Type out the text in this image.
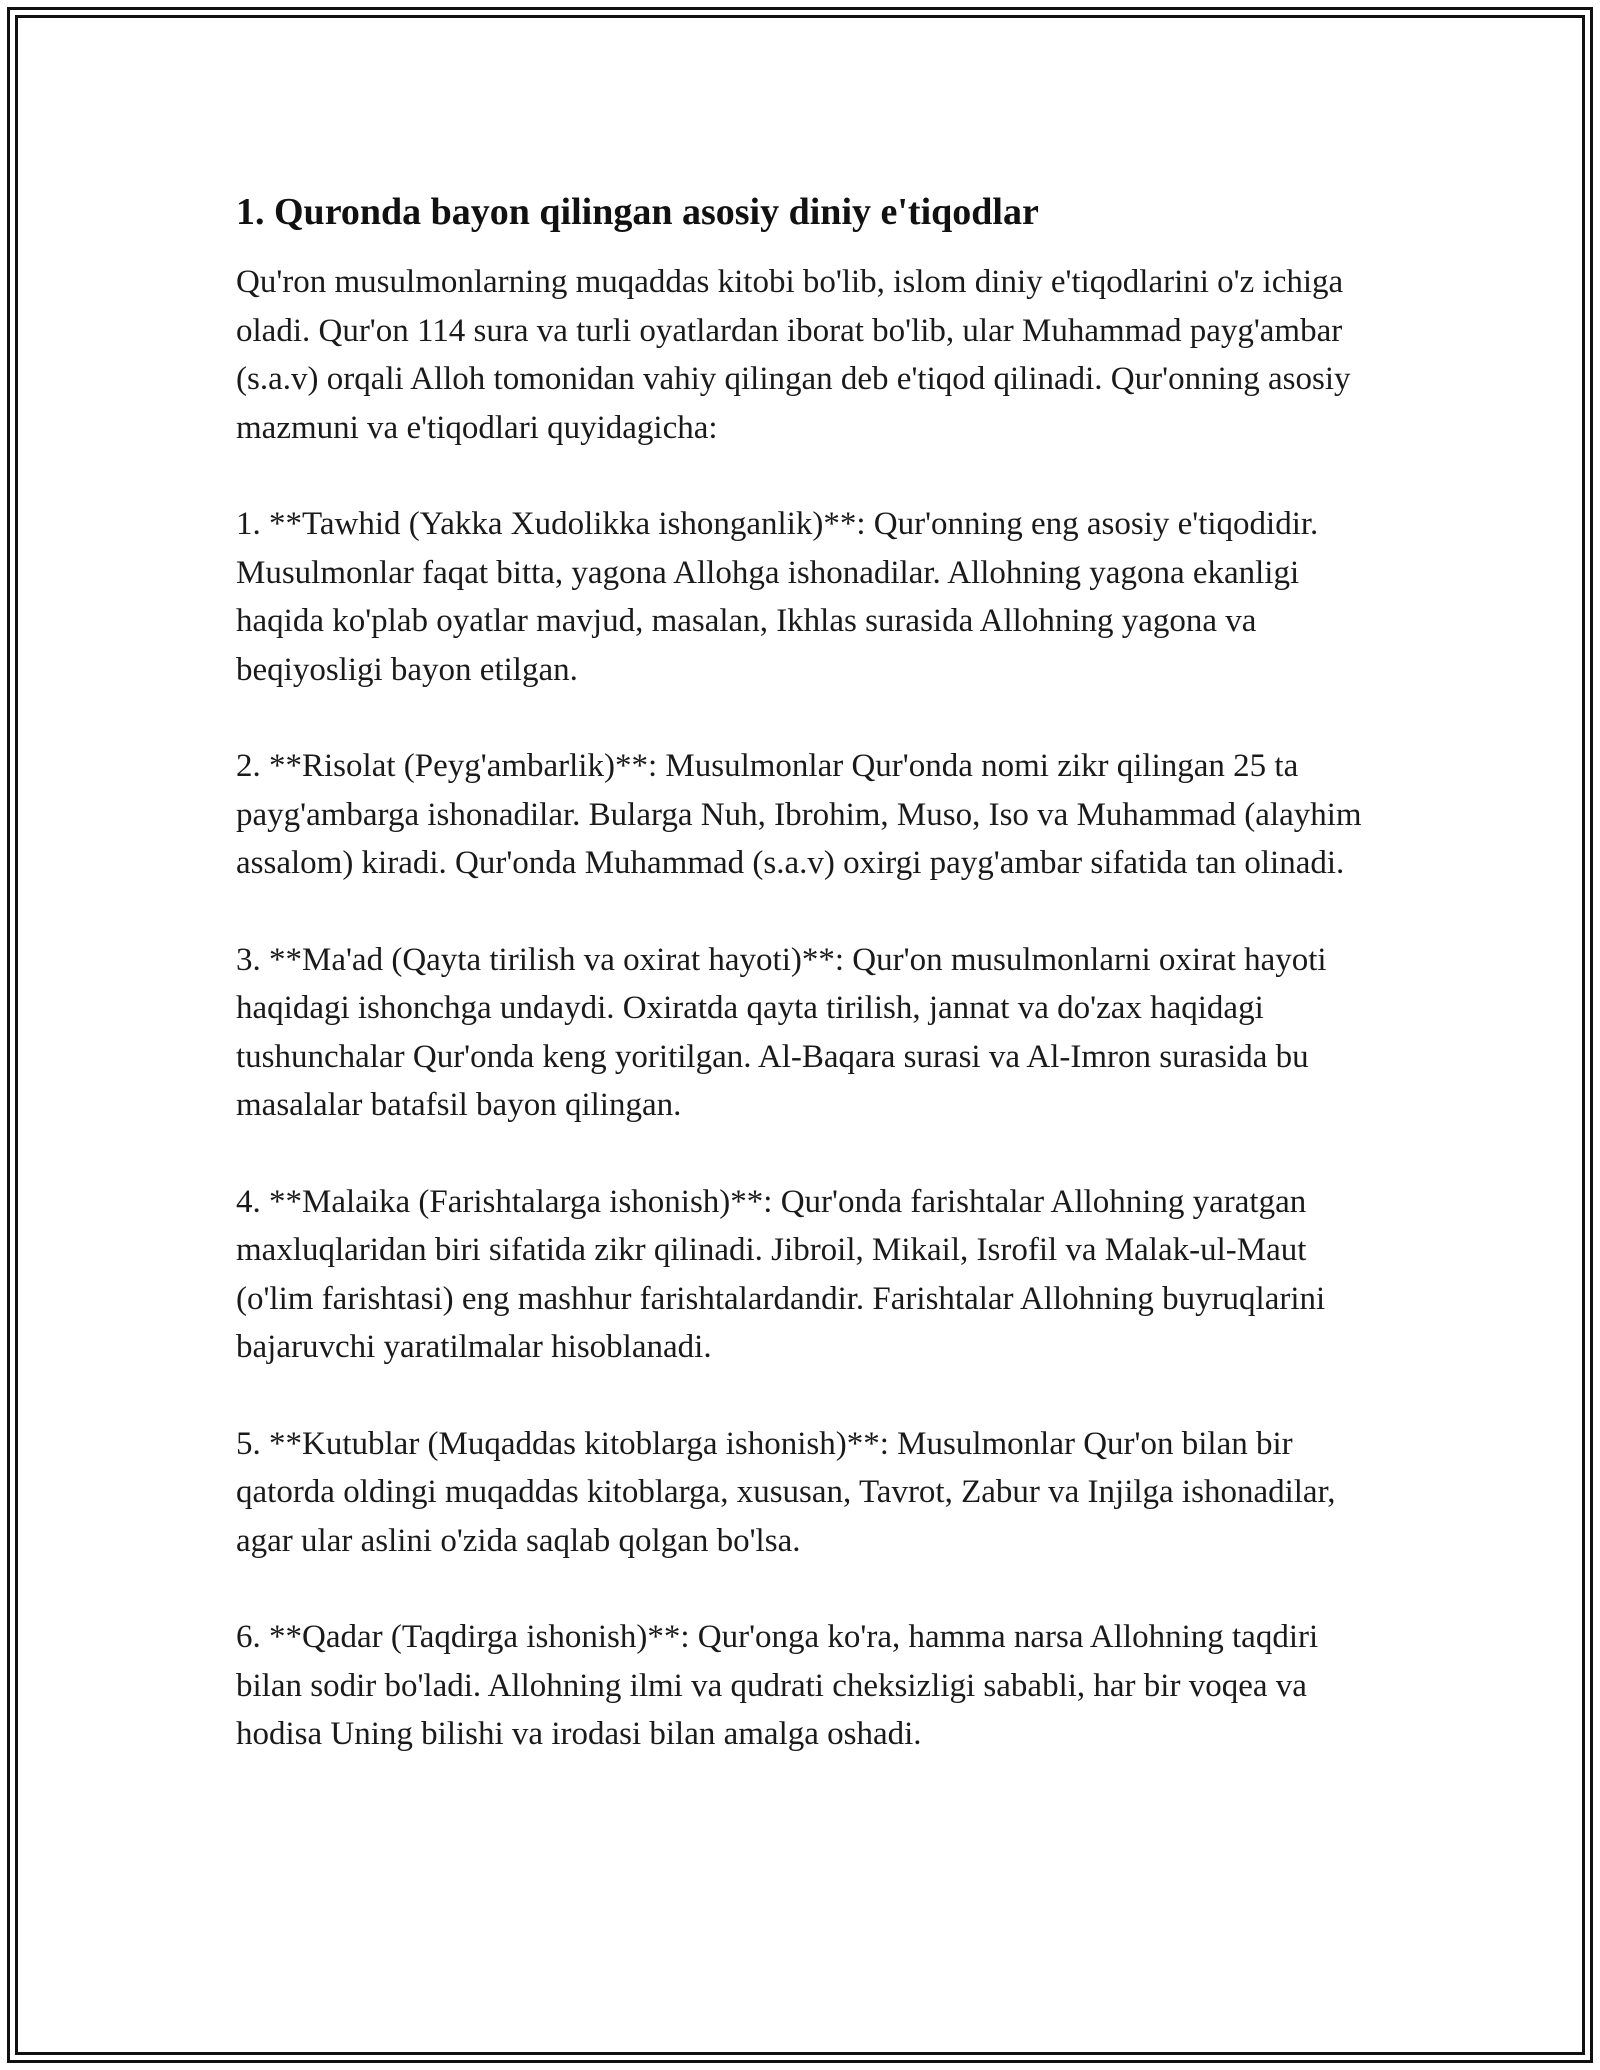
1. Quronda bayon qilingan asosiy diniy e'tiqodlar

Qu'ron musulmonlarning muqaddas kitobi bo'lib, islom diniy e'tiqodlarini o'z ichiga oladi. Qur'on 114 sura va turli oyatlardan iborat bo'lib, ular Muhammad payg'ambar (s.a.v) orqali Alloh tomonidan vahiy qilingan deb e'tiqod qilinadi. Qur'onning asosiy mazmuni va e'tiqodlari quyidagicha:

1. **Tawhid (Yakka Xudolikka ishonganlik)**: Qur'onning eng asosiy e'tiqodidir. Musulmonlar faqat bitta, yagona Allohga ishonadilar. Allohning yagona ekanligi haqida ko'plab oyatlar mavjud, masalan, Ikhlas surasida Allohning yagona va beqiyosligi bayon etilgan.

2. **Risolat (Peyg'ambarlik)**: Musulmonlar Qur'onda nomi zikr qilingan 25 ta payg'ambarga ishonadilar. Bularga Nuh, Ibrohim, Muso, Iso va Muhammad (alayhim assalom) kiradi. Qur'onda Muhammad (s.a.v) oxirgi payg'ambar sifatida tan olinadi.

3. **Ma'ad (Qayta tirilish va oxirat hayoti)**: Qur'on musulmonlarni oxirat hayoti haqidagi ishonchga undaydi. Oxiratda qayta tirilish, jannat va do'zax haqidagi tushunchalar Qur'onda keng yoritilgan. Al-Baqara surasi va Al-Imron surasida bu masalalar batafsil bayon qilingan.

4. **Malaika (Farishtalarga ishonish)**: Qur'onda farishtalar Allohning yaratgan maxluqlaridan biri sifatida zikr qilinadi. Jibroil, Mikail, Isrofil va Malak-ul-Maut (o'lim farishtasi) eng mashhur farishtalardandir. Farishtalar Allohning buyruqlarini bajaruvchi yaratilmalar hisoblanadi.

5. **Kutublar (Muqaddas kitoblarga ishonish)**: Musulmonlar Qur'on bilan bir qatorda oldingi muqaddas kitoblarga, xususan, Tavrot, Zabur va Injilga ishonadilar, agar ular aslini o'zida saqlab qolgan bo'lsa.

6. **Qadar (Taqdirga ishonish)**: Qur'onga ko'ra, hamma narsa Allohning taqdiri bilan sodir bo'ladi. Allohning ilmi va qudrati cheksizligi sababli, har bir voqea va hodisa Uning bilishi va irodasi bilan amalga oshadi.
